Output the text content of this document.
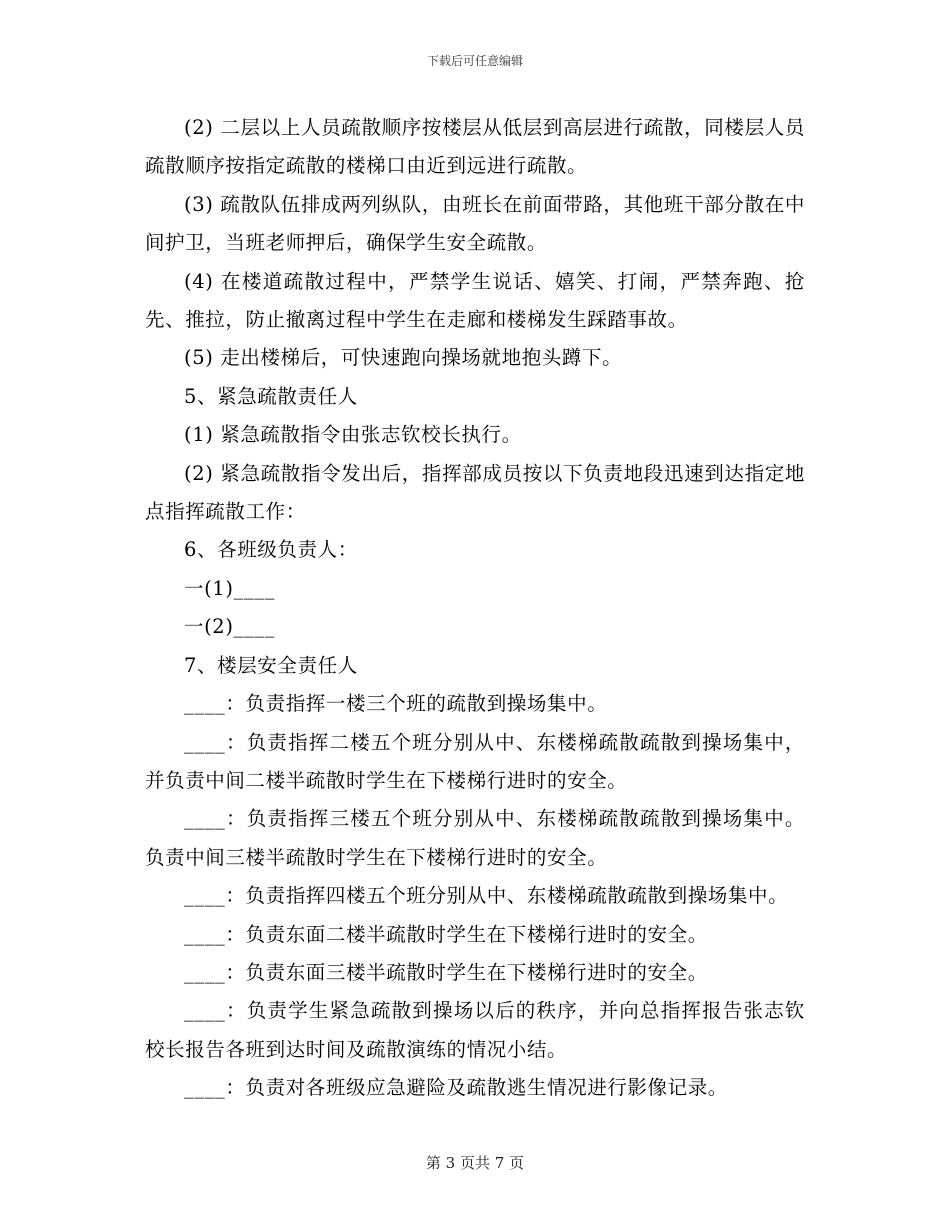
下载后可任意编辑

(2) 二层以上人员疏散顺序按楼层从低层到高层进行疏散，同楼层人员疏散顺序按指定疏散的楼梯口由近到远进行疏散。

(3) 疏散队伍排成两列纵队，由班长在前面带路，其他班干部分散在中间护卫，当班老师押后，确保学生安全疏散。

(4) 在楼道疏散过程中，严禁学生说话、嬉笑、打闹，严禁奔跑、抢先、推拉，防止撤离过程中学生在走廊和楼梯发生踩踏事故。

(5) 走出楼梯后，可快速跑向操场就地抱头蹲下。

5、紧急疏散责任人

(1) 紧急疏散指令由张志钦校长执行。

(2) 紧急疏散指令发出后，指挥部成员按以下负责地段迅速到达指定地点指挥疏散工作：

6、各班级负责人：

一(1)____

一(2)____

7、楼层安全责任人

____：负责指挥一楼三个班的疏散到操场集中。

____：负责指挥二楼五个班分别从中、东楼梯疏散疏散到操场集中，并负责中间二楼半疏散时学生在下楼梯行进时的安全。

____：负责指挥三楼五个班分别从中、东楼梯疏散疏散到操场集中。负责中间三楼半疏散时学生在下楼梯行进时的安全。

____：负责指挥四楼五个班分别从中、东楼梯疏散疏散到操场集中。

____：负责东面二楼半疏散时学生在下楼梯行进时的安全。

____：负责东面三楼半疏散时学生在下楼梯行进时的安全。

____：负责学生紧急疏散到操场以后的秩序，并向总指挥报告张志钦校长报告各班到达时间及疏散演练的情况小结。

____：负责对各班级应急避险及疏散逃生情况进行影像记录。

第 3 页共 7 页
